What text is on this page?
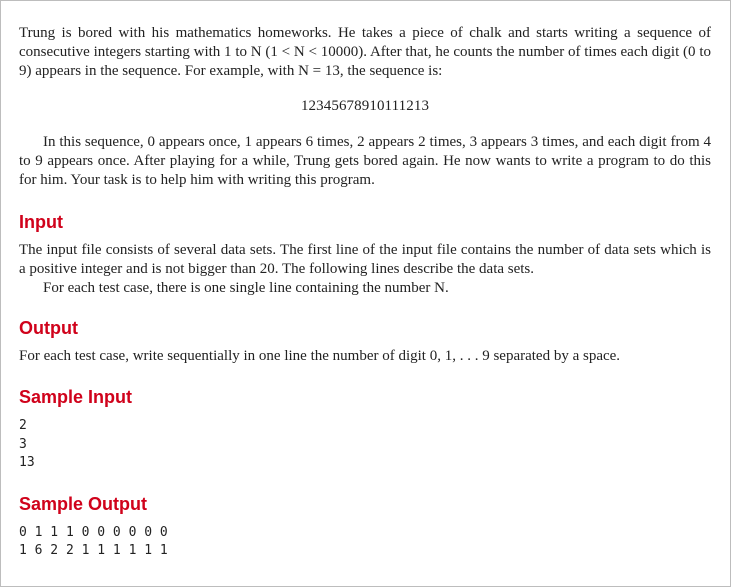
Trung is bored with his mathematics homeworks. He takes a piece of chalk and starts writing a sequence of consecutive integers starting with 1 to N (1 < N < 10000). After that, he counts the number of times each digit (0 to 9) appears in the sequence. For example, with N = 13, the sequence is:

12345678910111213

In this sequence, 0 appears once, 1 appears 6 times, 2 appears 2 times, 3 appears 3 times, and each digit from 4 to 9 appears once. After playing for a while, Trung gets bored again. He now wants to write a program to do this for him. Your task is to help him with writing this program.

Input

The input file consists of several data sets. The first line of the input file contains the number of data sets which is a positive integer and is not bigger than 20. The following lines describe the data sets.

For each test case, there is one single line containing the number N.

Output

For each test case, write sequentially in one line the number of digit 0, 1, . . . 9 separated by a space.

Sample Input
2
3
13
Sample Output
0 1 1 1 0 0 0 0 0 0
1 6 2 2 1 1 1 1 1 1
